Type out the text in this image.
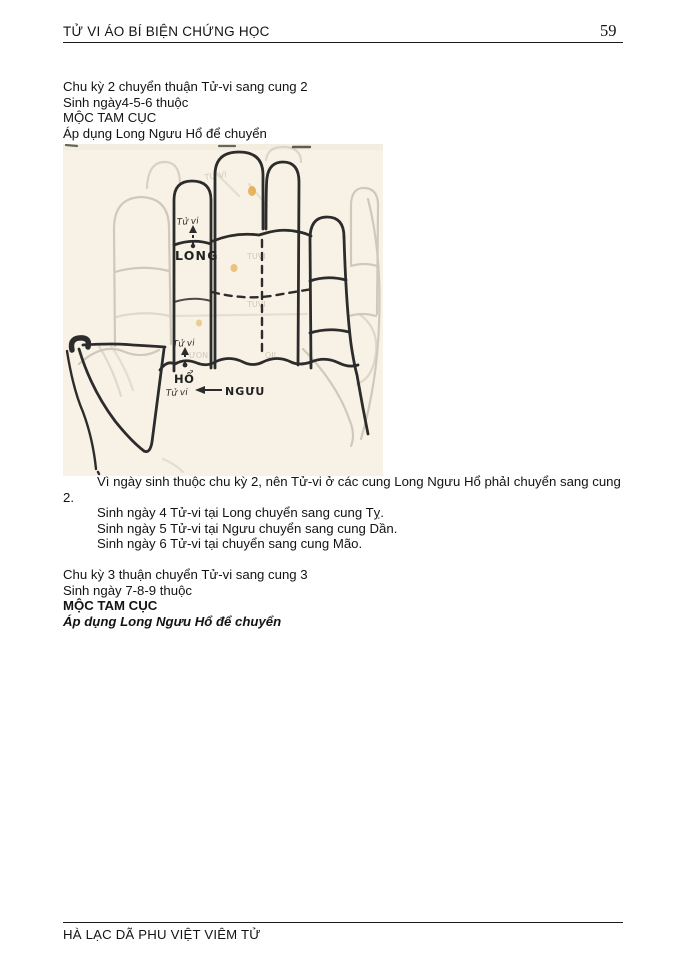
TỬ VI ÁO BÍ BIỆN CHỨNG HỌC	59
Chu kỳ 2 chuyển thuận Tử-vi sang cung 2
Sinh ngày4-5-6 thuộc
MỘC TAM CỤC
Áp dụng Long Ngưu Hổ để chuyển
TƯ VI
TUVI
TUVI
ƯON	QII
Tử vi
LONG
Tử vi
HỔ
Tử vi	NGƯU
Vì ngày sinh thuộc chu kỳ 2, nên Tử-vi ở các cung Long Ngưu Hổ phảI chuyển sang cung 2.
Sinh ngày 4 Tử-vi tại Long chuyển sang cung Tỵ.
Sinh ngày 5 Tử-vi tại Ngưu chuyển sang cung Dần.
Sinh ngày 6 Tử-vi tại chuyển sang cung Mão.
Chu kỳ 3 thuận chuyển Tử-vi sang cung 3
Sinh ngày 7-8-9 thuộc
MỘC TAM CỤC
Áp dụng Long Ngưu Hổ để chuyển
HÀ LẠC DÃ PHU VIỆT VIÊM TỬ
